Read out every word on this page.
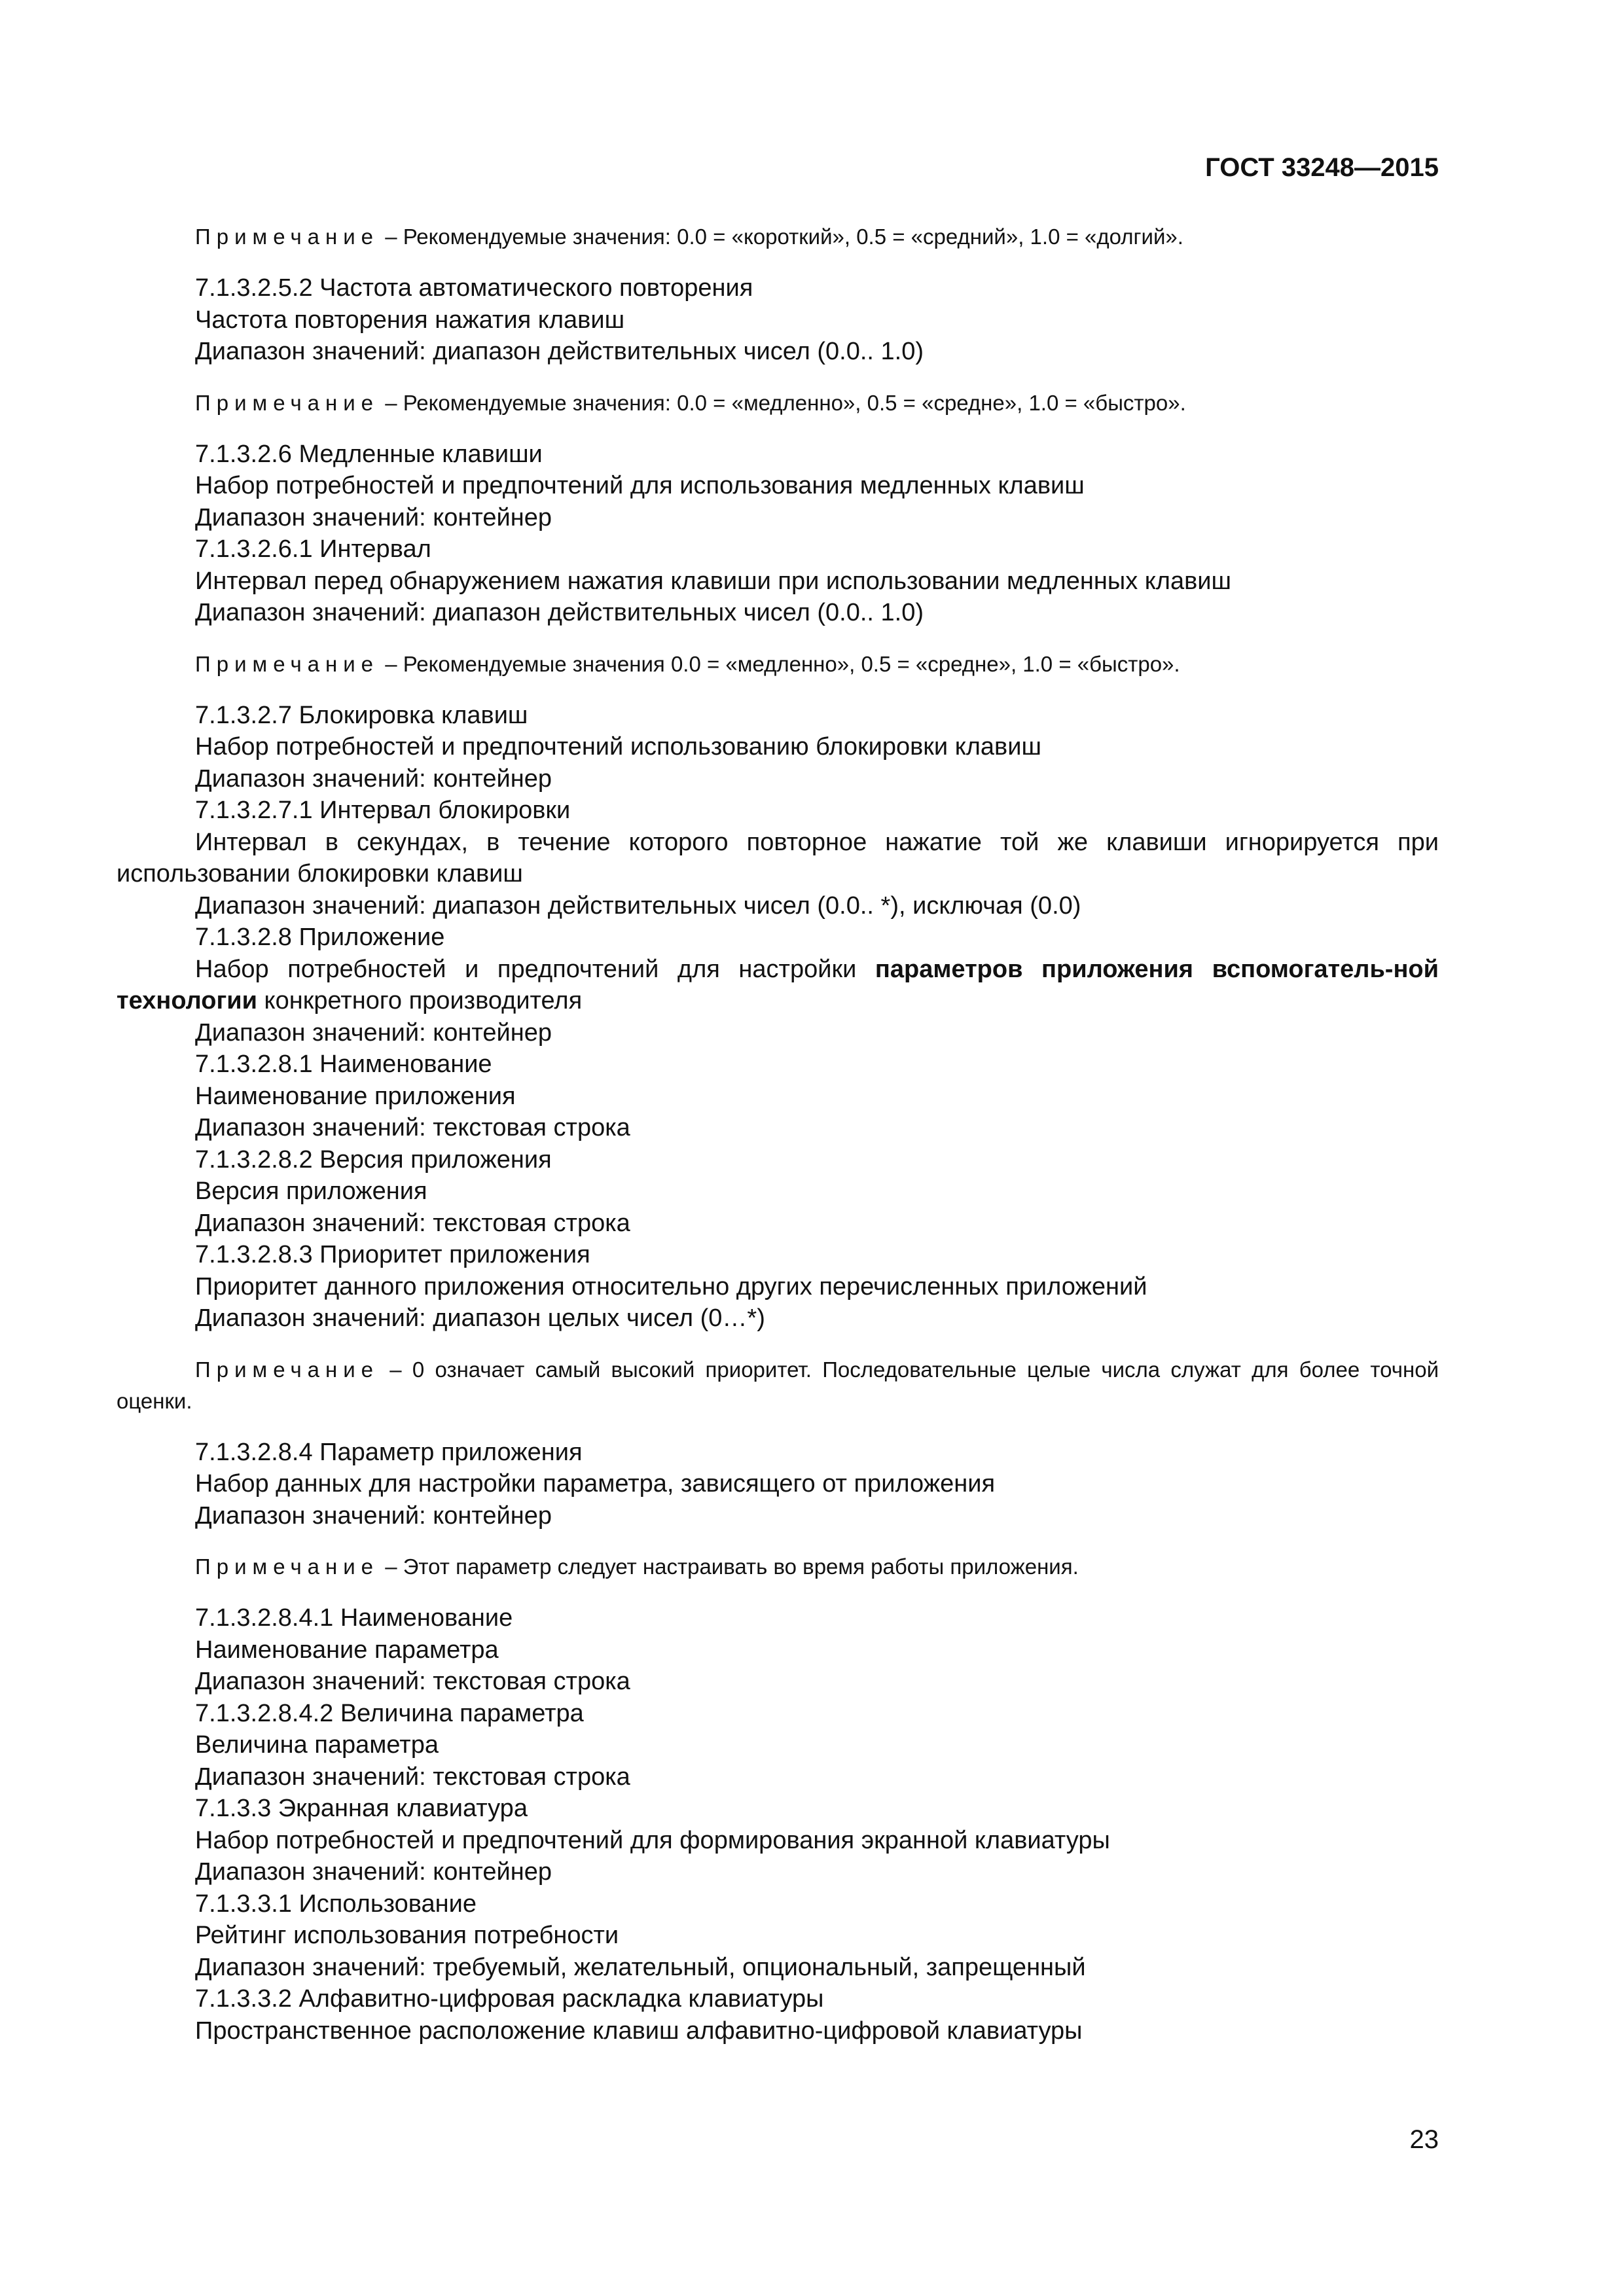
ГОСТ 33248—2015
Примечание – Рекомендуемые значения: 0.0 = «короткий», 0.5 = «средний», 1.0 = «долгий».
7.1.3.2.5.2 Частота автоматического повторения
Частота повторения нажатия клавиш
Диапазон значений: диапазон действительных чисел (0.0.. 1.0)
Примечание – Рекомендуемые значения: 0.0 = «медленно», 0.5 = «средне», 1.0 = «быстро».
7.1.3.2.6 Медленные клавиши
Набор потребностей и предпочтений для использования медленных клавиш
Диапазон значений: контейнер
7.1.3.2.6.1 Интервал
Интервал перед обнаружением нажатия клавиши при использовании медленных клавиш
Диапазон значений: диапазон действительных чисел (0.0.. 1.0)
Примечание – Рекомендуемые значения 0.0 = «медленно», 0.5 = «средне», 1.0 = «быстро».
7.1.3.2.7 Блокировка клавиш
Набор потребностей и предпочтений использованию блокировки клавиш
Диапазон значений: контейнер
7.1.3.2.7.1 Интервал блокировки
Интервал в секундах, в течение которого повторное нажатие той же клавиши игнорируется при использовании блокировки клавиш
Диапазон значений: диапазон действительных чисел (0.0.. *), исключая (0.0)
7.1.3.2.8 Приложение
Набор потребностей и предпочтений для настройки параметров приложения вспомогатель-ной технологии конкретного производителя
Диапазон значений: контейнер
7.1.3.2.8.1 Наименование
Наименование приложения
Диапазон значений: текстовая строка
7.1.3.2.8.2 Версия приложения
Версия приложения
Диапазон значений: текстовая строка
7.1.3.2.8.3 Приоритет приложения
Приоритет данного приложения относительно других перечисленных приложений
Диапазон значений: диапазон целых чисел (0…*)
Примечание – 0 означает самый высокий приоритет. Последовательные целые числа служат для более точной оценки.
7.1.3.2.8.4 Параметр приложения
Набор данных для настройки параметра, зависящего от приложения
Диапазон значений: контейнер
Примечание – Этот параметр следует настраивать во время работы приложения.
7.1.3.2.8.4.1 Наименование
Наименование параметра
Диапазон значений: текстовая строка
7.1.3.2.8.4.2 Величина параметра
Величина параметра
Диапазон значений: текстовая строка
7.1.3.3 Экранная клавиатура
Набор потребностей и предпочтений для формирования экранной клавиатуры
Диапазон значений: контейнер
7.1.3.3.1 Использование
Рейтинг использования потребности
Диапазон значений: требуемый, желательный, опциональный, запрещенный
7.1.3.3.2 Алфавитно-цифровая раскладка клавиатуры
Пространственное расположение клавиш алфавитно-цифровой клавиатуры
23
